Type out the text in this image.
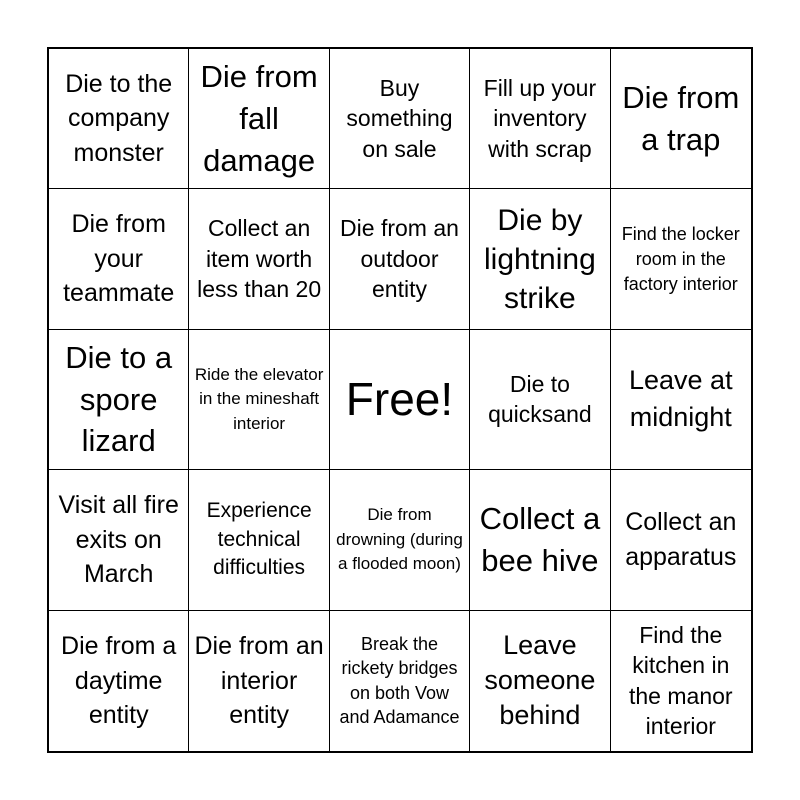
Die to the company monster
Die from fall damage
Buy something on sale
Fill up your inventory with scrap
Die from a trap
Die from your teammate
Collect an item worth less than 20
Die from an outdoor entity
Die by lightning strike
Find the locker room in the factory interior
Die to a spore lizard
Ride the elevator in the mineshaft interior	Free!	Die to quicksand
Leave at midnight
Visit all fire exits on March
Experience technical difficulties
Die from drowning (during a flooded moon)
Collect a bee hive
Collect an apparatus
Die from a daytime entity
Die from an interior entity
Break the rickety bridges on both Vow and Adamance
Leave someone behind
Find the kitchen in the manor interior
